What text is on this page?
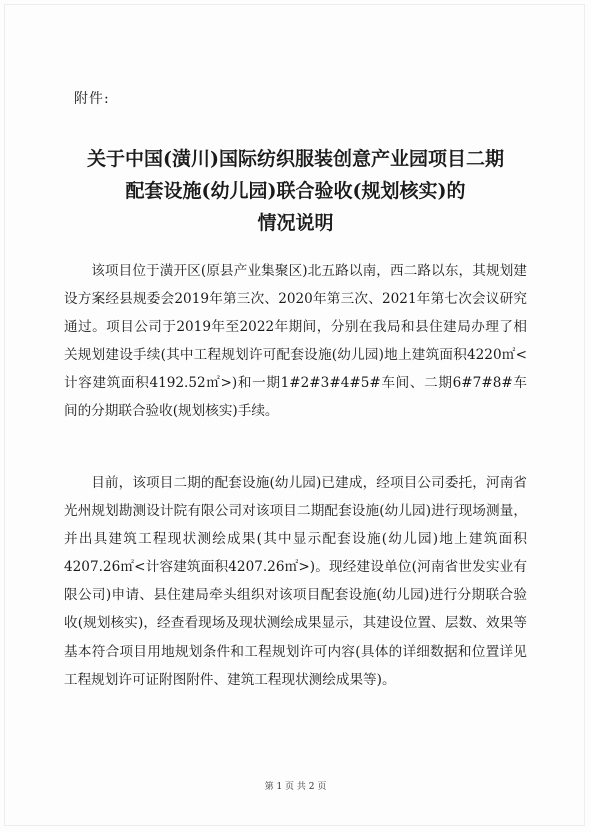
附件:
关于中国(潢川)国际纺织服装创意产业园项目二期
配套设施(幼儿园)联合验收(规划核实)的
情况说明

该项目位于潢开区(原县产业集聚区)北五路以南，西二路以东，其规划建设方案经县规委会2019年第三次、2020年第三次、2021年第七次会议研究通过。项目公司于2019年至2022年期间，分别在我局和县住建局办理了相关规划建设手续(其中工程规划许可配套设施(幼儿园)地上建筑面积4220㎡<计容建筑面积4192.52㎡>)和一期1#2#3#4#5#车间、二期6#7#8#车间的分期联合验收(规划核实)手续。

目前，该项目二期的配套设施(幼儿园)已建成，经项目公司委托，河南省光州规划勘测设计院有限公司对该项目二期配套设施(幼儿园)进行现场测量，并出具建筑工程现状测绘成果(其中显示配套设施(幼儿园)地上建筑面积4207.26㎡<计容建筑面积4207.26㎡>)。现经建设单位(河南省世发实业有限公司)申请、县住建局牵头组织对该项目配套设施(幼儿园)进行分期联合验收(规划核实)，经查看现场及现状测绘成果显示，其建设位置、层数、效果等基本符合项目用地规划条件和工程规划许可内容(具体的详细数据和位置详见工程规划许可证附图附件、建筑工程现状测绘成果等)。

第 1 页 共 2 页
